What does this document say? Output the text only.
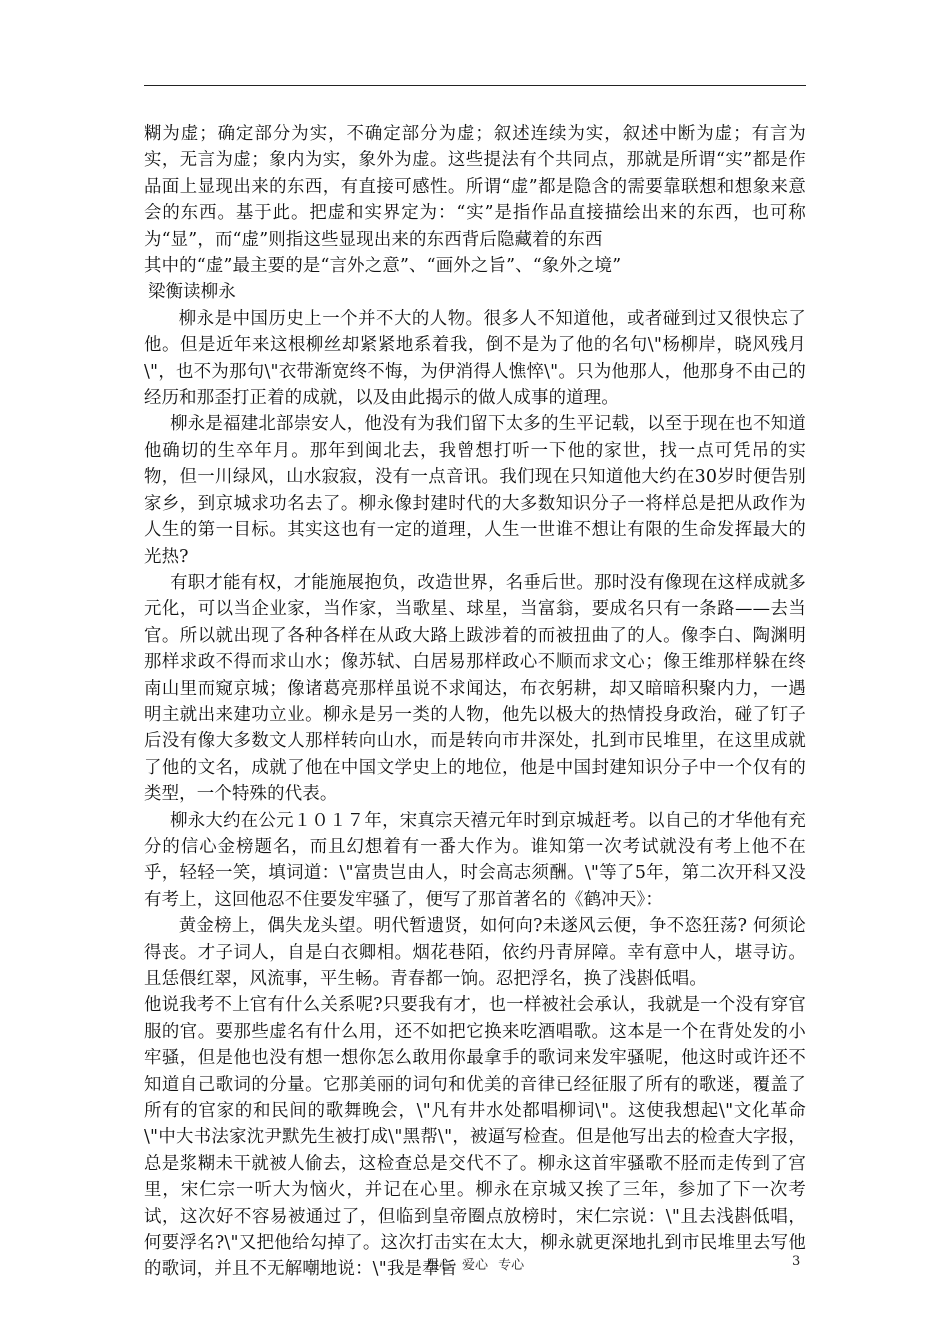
糊为虚；确定部分为实，不确定部分为虚；叙述连续为实，叙述中断为虚；有言为实，无言为虚；象内为实，象外为虚。这些提法有个共同点，那就是所谓“实”都是作品面上显现出来的东西，有直接可感性。所谓“虚”都是隐含的需要靠联想和想象来意会的东西。基于此。把虚和实界定为：“实”是指作品直接描绘出来的东西，也可称为“显”，而“虚”则指这些显现出来的东西背后隐藏着的东西

其中的“虚”最主要的是“言外之意”、“画外之旨”、“象外之境”

梁衡读柳永

柳永是中国历史上一个并不大的人物。很多人不知道他，或者碰到过又很快忘了他。但是近年来这根柳丝却紧紧地系着我，倒不是为了他的名句\"杨柳岸，晓风残月\"，也不为那句\"衣带渐宽终不悔，为伊消得人憔悴\"。只为他那人，他那身不由己的经历和那歪打正着的成就，以及由此揭示的做人成事的道理。

柳永是福建北部崇安人，他没有为我们留下太多的生平记载，以至于现在也不知道他确切的生卒年月。那年到闽北去，我曾想打听一下他的家世，找一点可凭吊的实物，但一川绿风，山水寂寂，没有一点音讯。我们现在只知道他大约在30岁时便告别家乡，到京城求功名去了。柳永像封建时代的大多数知识分子一将样总是把从政作为人生的第一目标。其实这也有一定的道理，人生一世谁不想让有限的生命发挥最大的光热?

有职才能有权，才能施展抱负，改造世界，名垂后世。那时没有像现在这样成就多元化，可以当企业家，当作家，当歌星、球星，当富翁，要成名只有一条路——去当官。所以就出现了各种各样在从政大路上跋涉着的而被扭曲了的人。像李白、陶渊明那样求政不得而求山水；像苏轼、白居易那样政心不顺而求文心；像王维那样躲在终南山里而窥京城；像诸葛亮那样虽说不求闻达，布衣躬耕，却又暗暗积聚内力，一遇明主就出来建功立业。柳永是另一类的人物，他先以极大的热情投身政治，碰了钉子后没有像大多数文人那样转向山水，而是转向市井深处，扎到市民堆里，在这里成就了他的文名，成就了他在中国文学史上的地位，他是中国封建知识分子中一个仅有的类型，一个特殊的代表。

柳永大约在公元１０１７年，宋真宗天禧元年时到京城赶考。以自己的才华他有充分的信心金榜题名，而且幻想着有一番大作为。谁知第一次考试就没有考上他不在乎，轻轻一笑，填词道：\"富贵岂由人，时会高志须酬。\"等了5年，第二次开科又没有考上，这回他忍不住要发牢骚了，便写了那首著名的《鹤冲天》：

黄金榜上，偶失龙头望。明代暂遗贤，如何向?未遂风云便，争不恣狂荡? 何须论得丧。才子词人，自是白衣卿相。烟花巷陌，依约丹青屏障。幸有意中人，堪寻访。且恁偎红翠，风流事，平生畅。青春都一饷。忍把浮名，换了浅斟低唱。

他说我考不上官有什么关系呢?只要我有才，也一样被社会承认，我就是一个没有穿官服的官。要那些虚名有什么用，还不如把它换来吃酒唱歌。这本是一个在背处发的小牢骚，但是他也没有想一想你怎么敢用你最拿手的歌词来发牢骚呢，他这时或许还不知道自己歌词的分量。它那美丽的词句和优美的音律已经征服了所有的歌迷，覆盖了所有的官家的和民间的歌舞晚会，\"凡有井水处都唱柳词\"。这使我想起\"文化革命\"中大书法家沈尹默先生被打成\"黑帮\"，被逼写检查。但是他写出去的检查大字报，总是浆糊未干就被人偷去，这检查总是交代不了。柳永这首牢骚歌不胫而走传到了宫里，宋仁宗一听大为恼火，并记在心里。柳永在京城又挨了三年，参加了下一次考试，这次好不容易被通过了，但临到皇帝圈点放榜时，宋仁宗说：\"且去浅斟低唱，何要浮名?\"又把他给勾掉了。这次打击实在太大，柳永就更深地扎到市民堆里去写他的歌词，并且不无解嘲地说：\"我是奉旨

用心 爱心 专心	3
